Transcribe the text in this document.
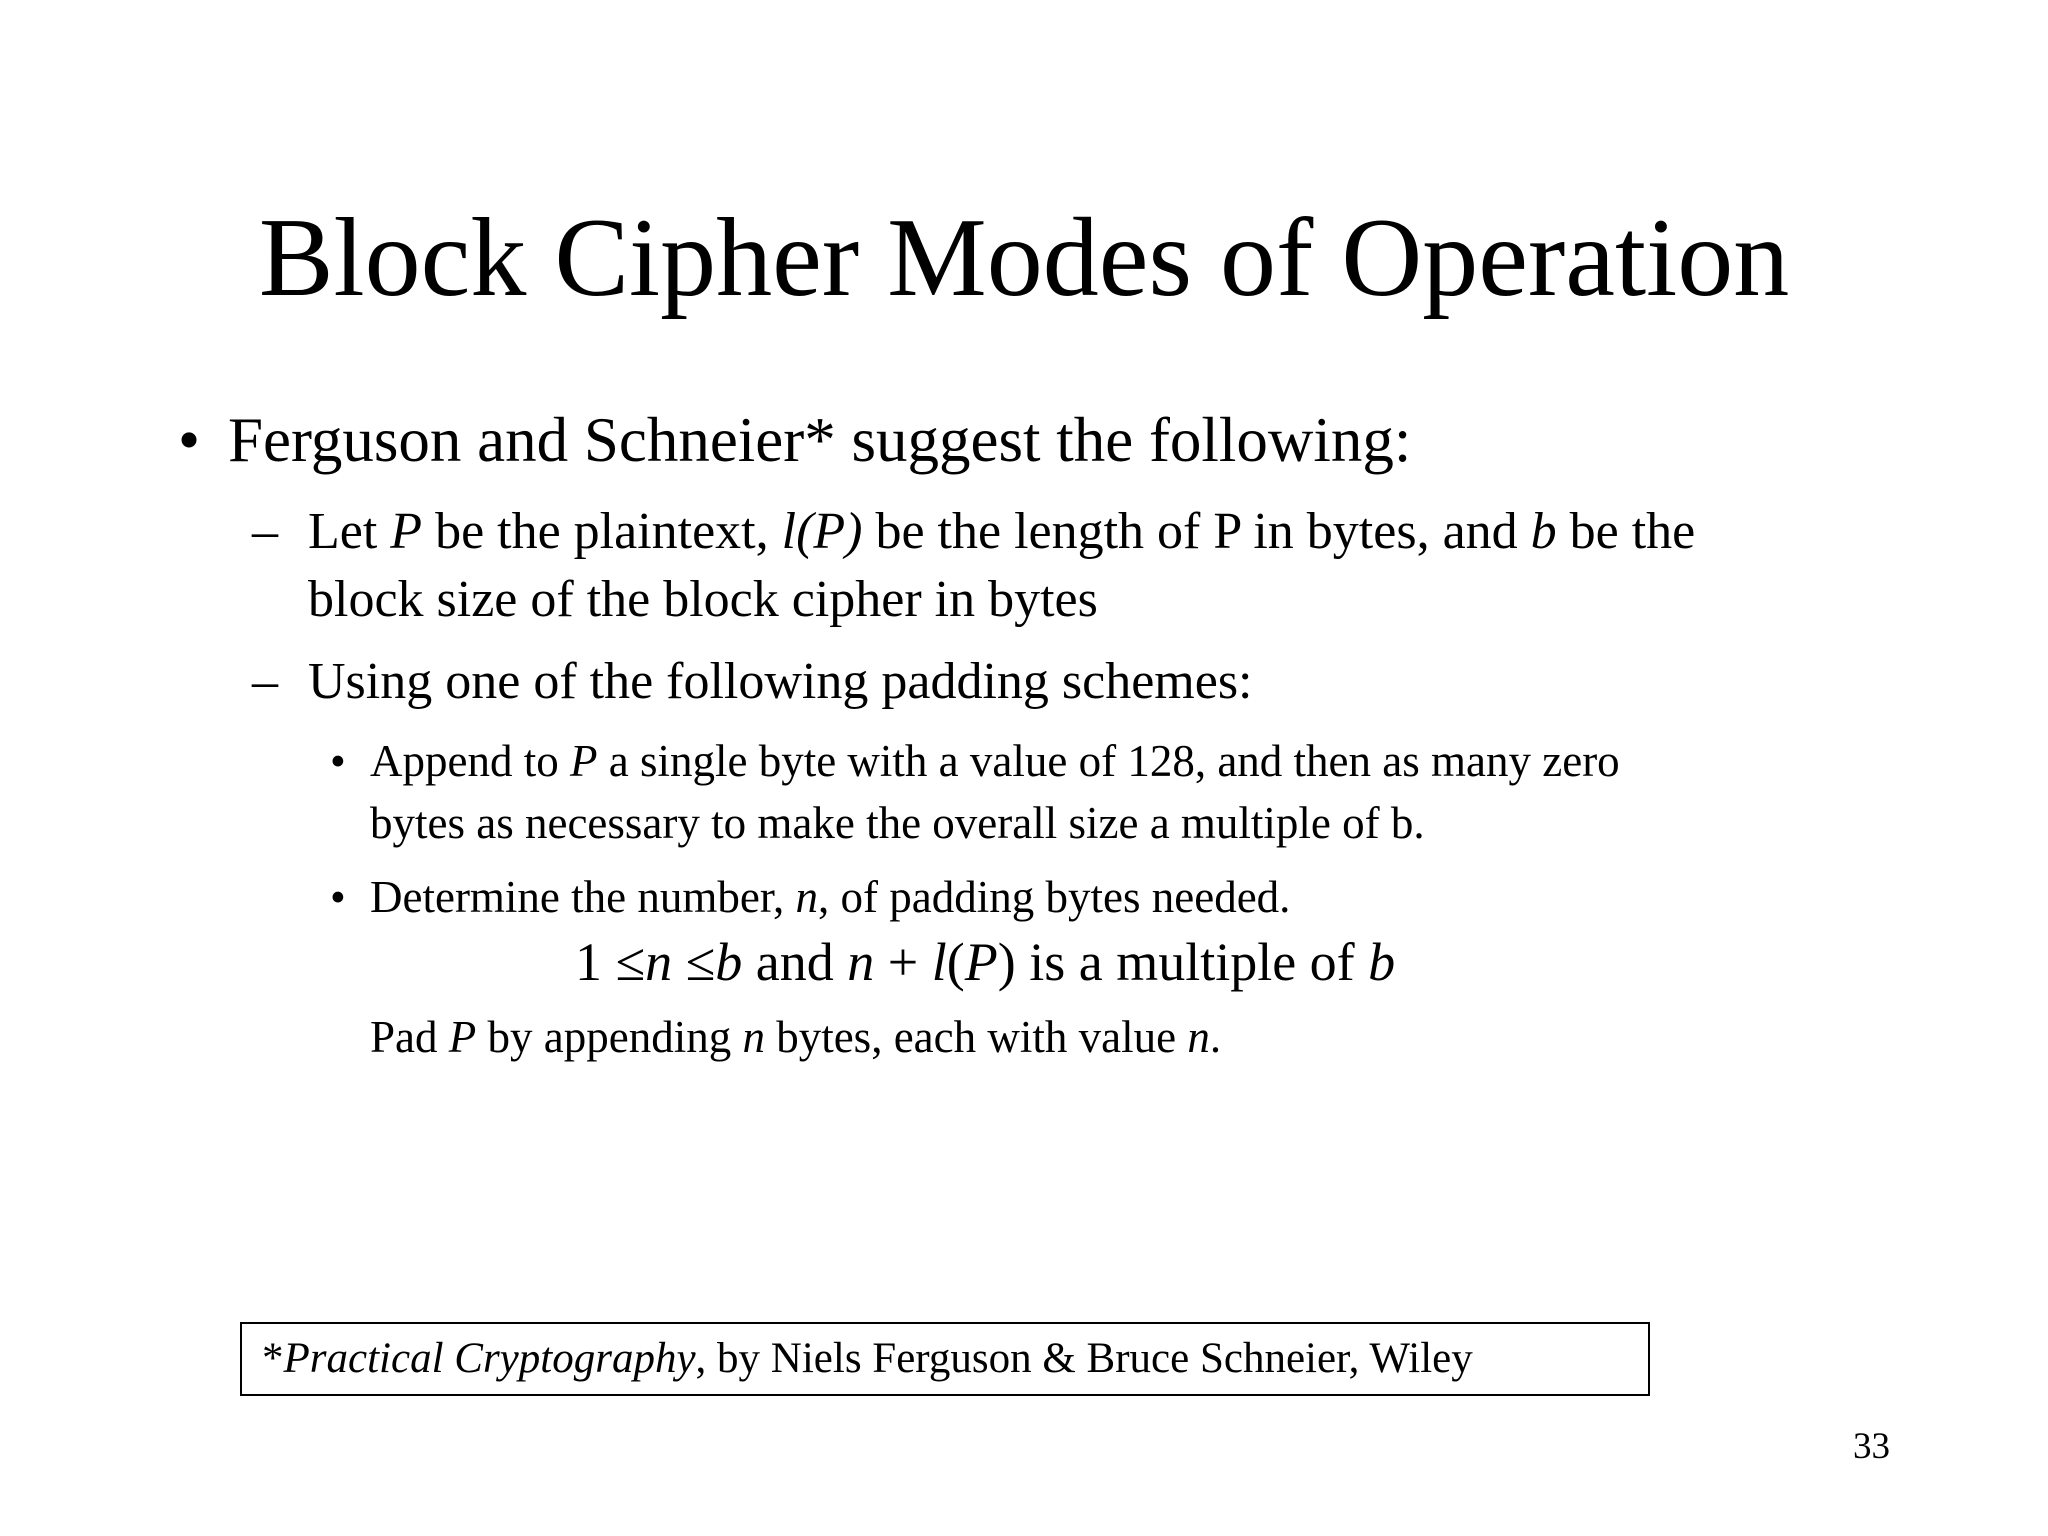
Block Cipher Modes of Operation
• Ferguson and Schneier* suggest the following:
– Let P be the plaintext, l(P) be the length of P in bytes, and b be the
block size of the block cipher in bytes
– Using one of the following padding schemes:
• Append to P a single byte with a value of 128, and then as many zero
bytes as necessary to make the overall size a multiple of b.
• Determine the number, n, of padding bytes needed.
1 ≤n ≤b and n + l(P) is a multiple of b
Pad P by appending n bytes, each with value n.
*Practical Cryptography, by Niels Ferguson & Bruce Schneier, Wiley
33
